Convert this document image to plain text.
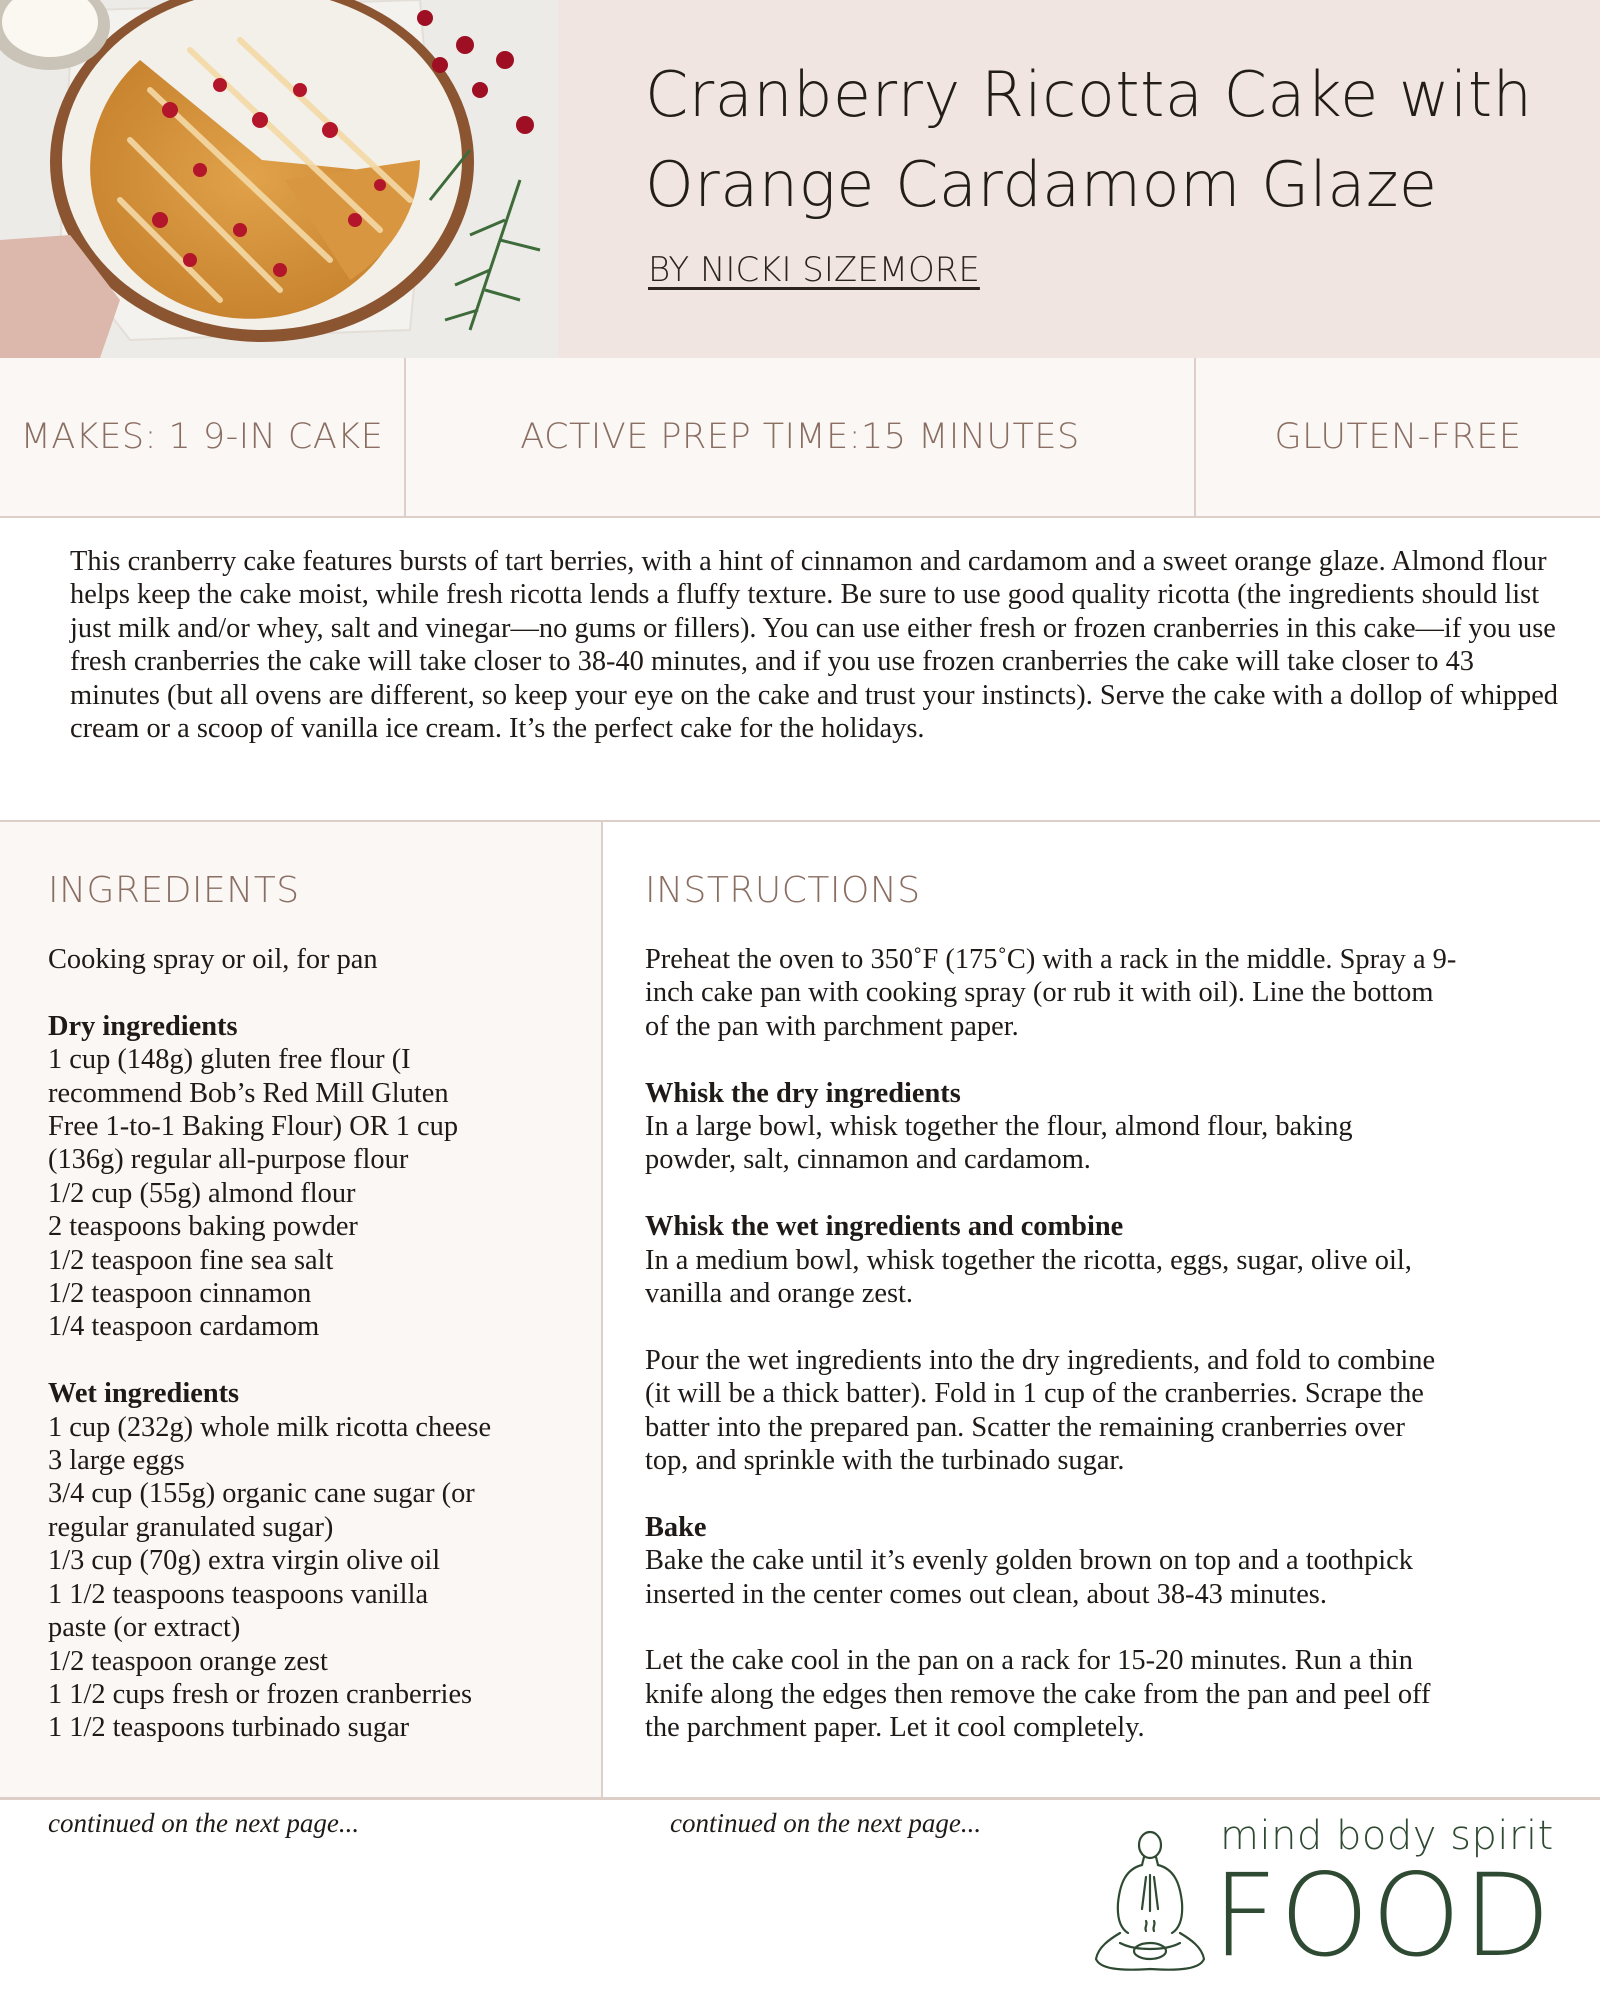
Cranberry Ricotta Cake with
Orange Cardamom Glaze
BY NICKI SIZEMORE
MAKES: 1 9-IN CAKE	ACTIVE PREP TIME:15 MINUTES	GLUTEN-FREE
This cranberry cake features bursts of tart berries, with a hint of cinnamon and cardamom and a sweet orange glaze. Almond flour helps keep the cake moist, while fresh ricotta lends a fluffy texture. Be sure to use good quality ricotta (the ingredients should list just milk and/or whey, salt and vinegar—no gums or fillers). You can use either fresh or frozen cranberries in this cake—if you use fresh cranberries the cake will take closer to 38-40 minutes, and if you use frozen cranberries the cake will take closer to 43 minutes (but all ovens are different, so keep your eye on the cake and trust your instincts). Serve the cake with a dollop of whipped cream or a scoop of vanilla ice cream. It’s the perfect cake for the holidays.
INGREDIENTS

Cooking spray or oil, for pan

Dry ingredients
1 cup (148g) gluten free flour (I
recommend Bob’s Red Mill Gluten
Free 1-to-1 Baking Flour) OR 1 cup
(136g) regular all-purpose flour
1/2 cup (55g) almond flour
2 teaspoons baking powder
1/2 teaspoon fine sea salt
1/2 teaspoon cinnamon
1/4 teaspoon cardamom
Wet ingredients
1 cup (232g) whole milk ricotta cheese
3 large eggs
3/4 cup (155g) organic cane sugar (or
regular granulated sugar)
1/3 cup (70g) extra virgin olive oil
1 1/2 teaspoons teaspoons vanilla
paste (or extract)
1/2 teaspoon orange zest
1 1/2 cups fresh or frozen cranberries
1 1/2 teaspoons turbinado sugar
INSTRUCTIONS

Preheat the oven to 350˚F (175˚C) with a rack in the middle. Spray a 9-
inch cake pan with cooking spray (or rub it with oil). Line the bottom
of the pan with parchment paper.

Whisk the dry ingredients
In a large bowl, whisk together the flour, almond flour, baking
powder, salt, cinnamon and cardamom.

Whisk the wet ingredients and combine
In a medium bowl, whisk together the ricotta, eggs, sugar, olive oil,
vanilla and orange zest.

Pour the wet ingredients into the dry ingredients, and fold to combine
(it will be a thick batter). Fold in 1 cup of the cranberries. Scrape the
batter into the prepared pan. Scatter the remaining cranberries over
top, and sprinkle with the turbinado sugar.

Bake
Bake the cake until it’s evenly golden brown on top and a toothpick
inserted in the center comes out clean, about 38-43 minutes.

Let the cake cool in the pan on a rack for 15-20 minutes. Run a thin
knife along the edges then remove the cake from the pan and peel off
the parchment paper. Let it cool completely.

continued on the next page...	continued on the next page...	mind body spirit
FOOD
